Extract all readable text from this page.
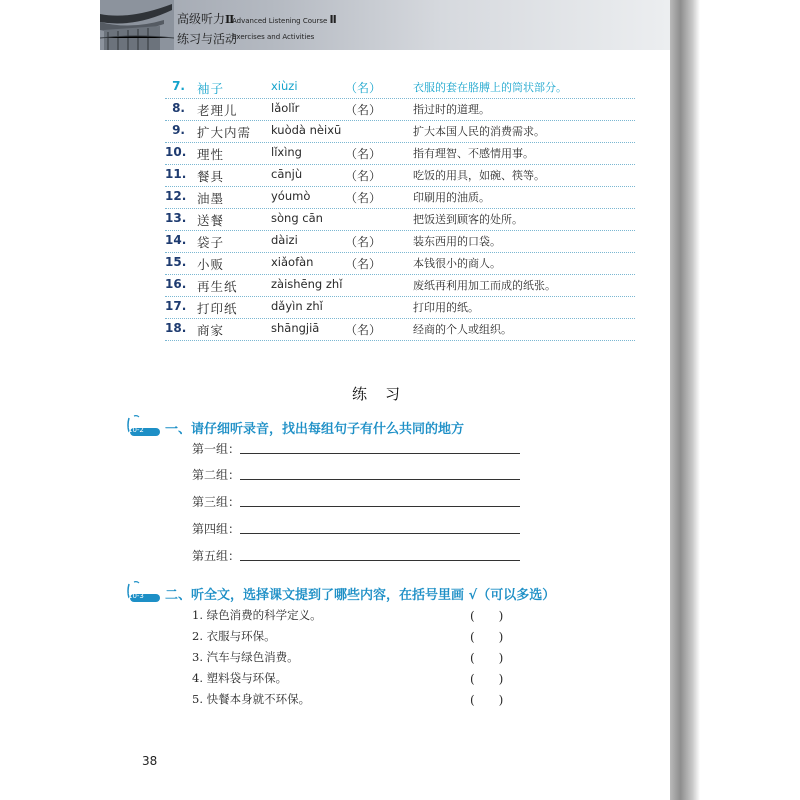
高级听力Ⅱ
Advanced Listening Course Ⅱ
练习与活动
Exercises and Activities
7. 袖子	xiùzi	（名）	衣服的套在胳膊上的筒状部分。
8. 老理儿	lǎolǐr	（名）	指过时的道理。
9. 扩大内需 kuòdà nèixū	扩大本国人民的消费需求。
10. 理性	lǐxìng	（名）	指有理智、不感情用事。
11. 餐具	cānjù	（名）	吃饭的用具，如碗、筷等。
12. 油墨	yóumò	（名）	印刷用的油质。
13. 送餐	sòng cān	把饭送到顾客的处所。
14. 袋子	dàizi	（名）	装东西用的口袋。
15. 小贩	xiǎofàn	（名）	本钱很小的商人。
16. 再生纸	zàishēng zhǐ	废纸再利用加工而成的纸张。
17. 打印纸	dǎyìn zhǐ	打印用的纸。
18. 商家	shāngjiā （名）	经商的个人或组织。
练习
10-2 一、请仔细听录音，找出每组句子有什么共同的地方
第一组：
第二组：
第三组：
第四组：
第五组：
10-3 二、听全文，选择课文提到了哪些内容，在括号里画 √（可以多选）
1. 绿色消费的科学定义。	(　　)
2. 衣服与环保。	(　　)
3. 汽车与绿色消费。	(　　)
4. 塑料袋与环保。	(　　)
5. 快餐本身就不环保。	(　　)
38
